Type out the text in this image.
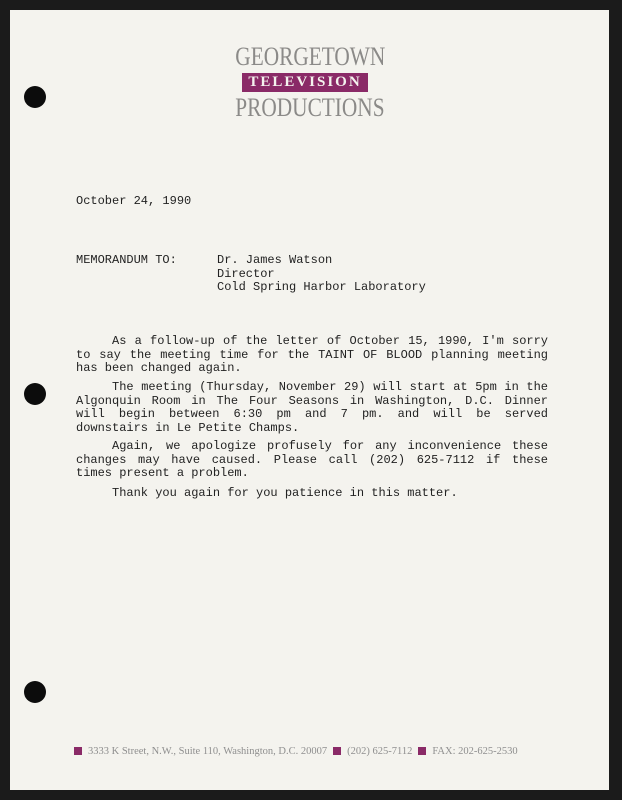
GEORGETOWN
TELEVISION
PRODUCTIONS
October 24, 1990
MEMORANDUM TO:	Dr. James Watson
Director
Cold Spring Harbor Laboratory
As a follow-up of the letter of October 15, 1990, I'm sorry to say the meeting time for the TAINT OF BLOOD planning meeting has been changed again.
The meeting (Thursday, November 29) will start at 5pm in the Algonquin Room in The Four Seasons in Washington, D.C. Dinner will begin between 6:30 pm and 7 pm. and will be served downstairs in Le Petite Champs.
Again, we apologize profusely for any inconvenience these changes may have caused. Please call (202) 625-7112 if these times present a problem.
Thank you again for you patience in this matter.
3333 K Street, N.W., Suite 110, Washington, D.C. 20007 (202) 625-7112 FAX: 202-625-2530
